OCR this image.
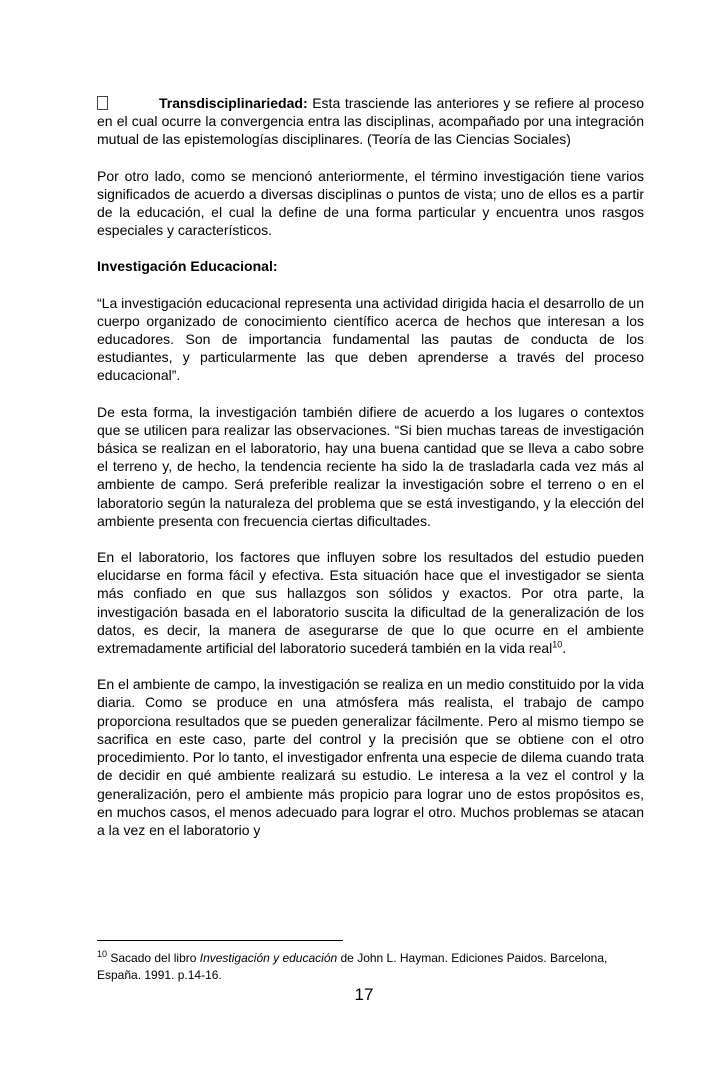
Transdisciplinariedad: Esta trasciende las anteriores y se refiere al proceso en el cual ocurre la convergencia entra las disciplinas, acompañado por una integración mutual de las epistemologías disciplinares. (Teoría de las Ciencias Sociales)

Por otro lado, como se mencionó anteriormente, el término investigación tiene varios significados de acuerdo a diversas disciplinas o puntos de vista; uno de ellos es a partir de la educación, el cual la define de una forma particular y encuentra unos rasgos especiales y característicos.

Investigación Educacional:

“La investigación educacional representa una actividad dirigida hacia el desarrollo de un cuerpo organizado de conocimiento científico acerca de hechos que interesan a los educadores. Son de importancia fundamental las pautas de conducta de los estudiantes, y particularmente las que deben aprenderse a través del proceso educacional”.

De esta forma, la investigación también difiere de acuerdo a los lugares o contextos que se utilicen para realizar las observaciones. “Si bien muchas tareas de investigación básica se realizan en el laboratorio, hay una buena cantidad que se lleva a cabo sobre el terreno y, de hecho, la tendencia reciente ha sido la de trasladarla cada vez más al ambiente de campo. Será preferible realizar la investigación sobre el terreno o en el laboratorio según la naturaleza del problema que se está investigando, y la elección del ambiente presenta con frecuencia ciertas dificultades.

En el laboratorio, los factores que influyen sobre los resultados del estudio pueden elucidarse en forma fácil y efectiva. Esta situación hace que el investigador se sienta más confiado en que sus hallazgos son sólidos y exactos. Por otra parte, la investigación basada en el laboratorio suscita la dificultad de la generalización de los datos, es decir, la manera de asegurarse de que lo que ocurre en el ambiente extremadamente artificial del laboratorio sucederá también en la vida real$^{10}$.

En el ambiente de campo, la investigación se realiza en un medio constituido por la vida diaria. Como se produce en una atmósfera más realista, el trabajo de campo proporciona resultados que se pueden generalizar fácilmente. Pero al mismo tiempo se sacrifica en este caso, parte del control y la precisión que se obtiene con el otro procedimiento. Por lo tanto, el investigador enfrenta una especie de dilema cuando trata de decidir en qué ambiente realizará su estudio. Le interesa a la vez el control y la generalización, pero el ambiente más propicio para lograr uno de estos propósitos es, en muchos casos, el menos adecuado para lograr el otro. Muchos problemas se atacan a la vez en el laboratorio y

$^{10}$ Sacado del libro Investigación y educación de John L. Hayman. Ediciones Paidos. Barcelona, España. 1991. p.14-16.
17
